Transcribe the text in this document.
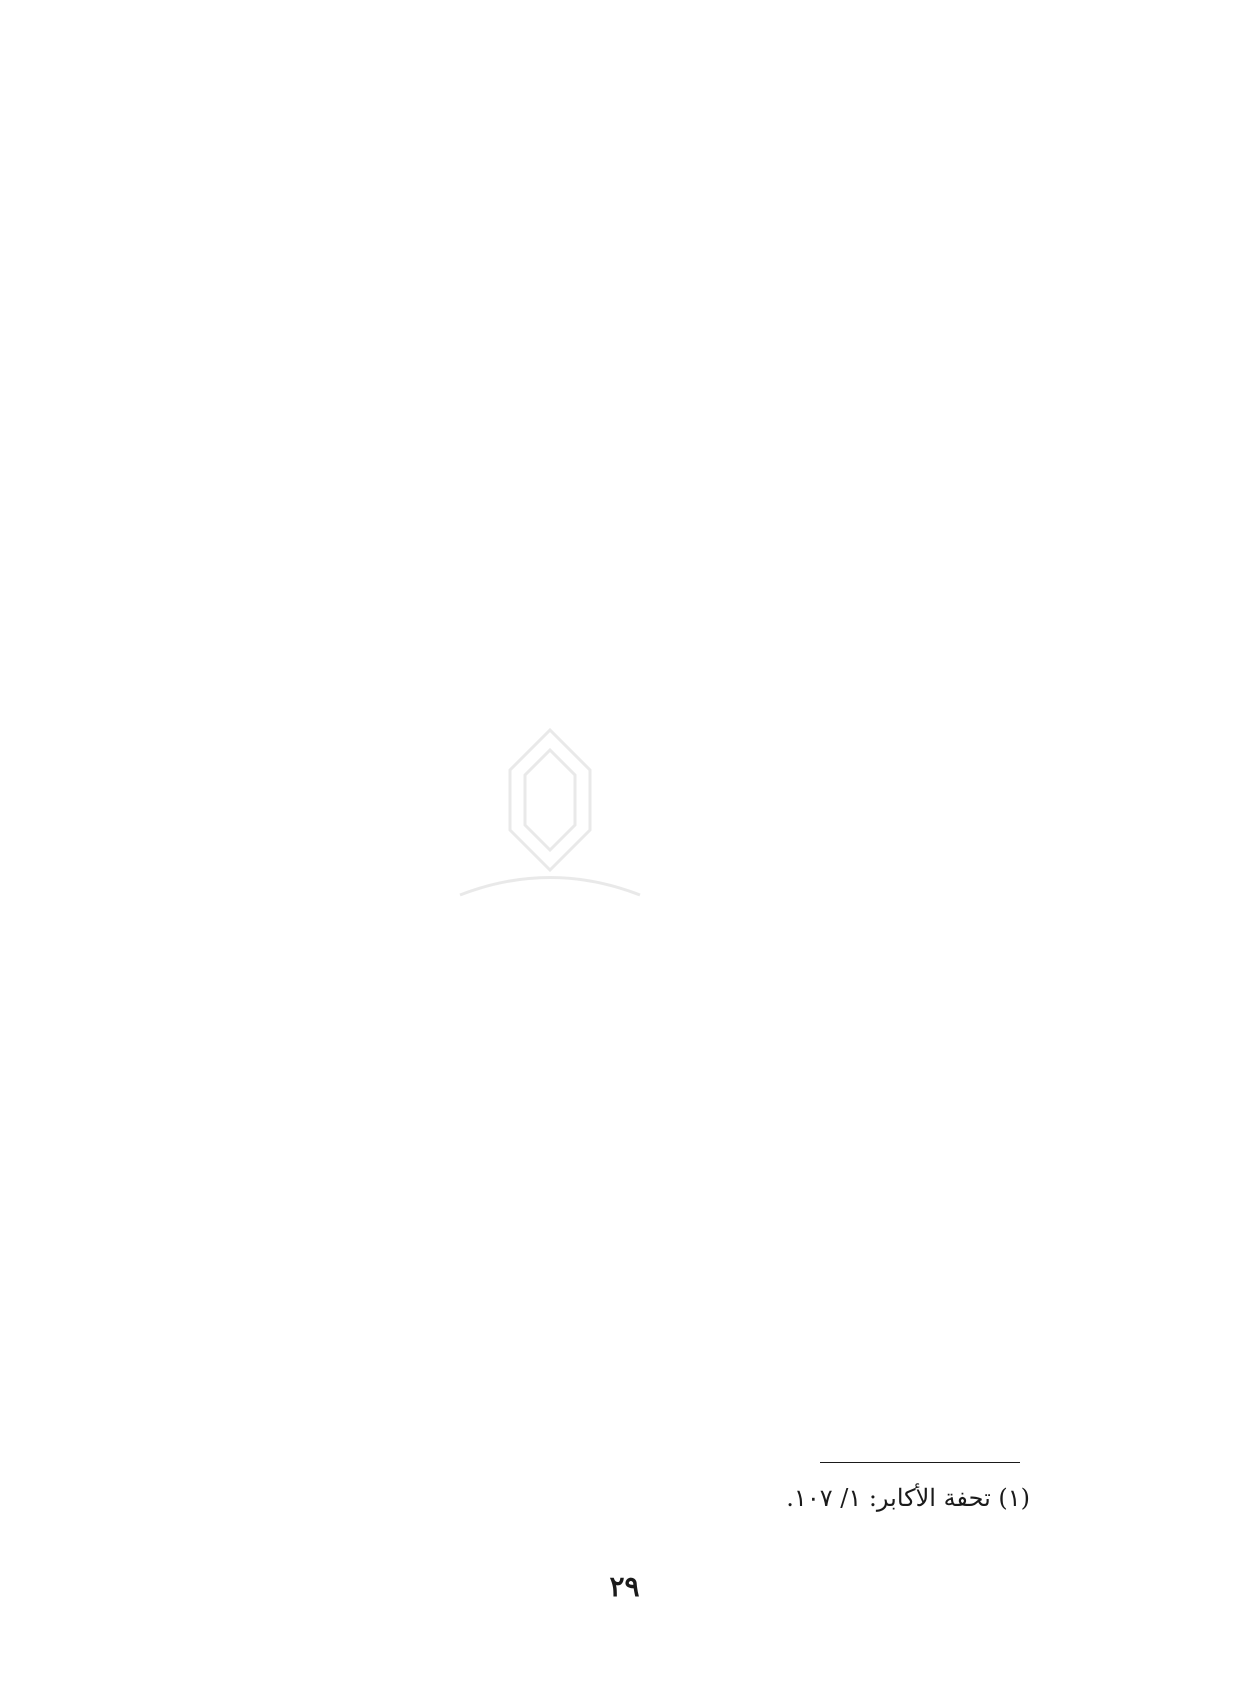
(١) تحفة الأكابر: ١/ ١٠٧.
٢٩
